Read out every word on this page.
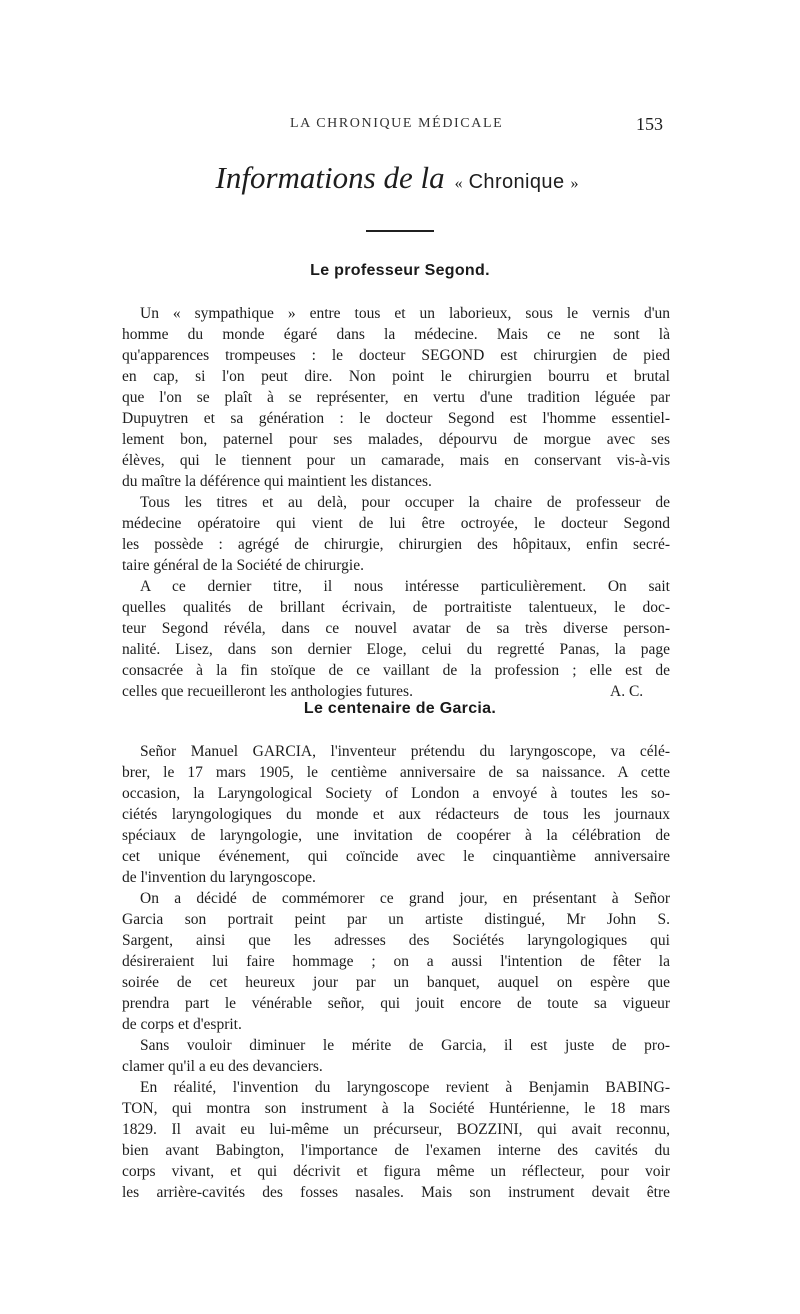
LA CHRONIQUE MÉDICALE	153
Informations de la « Chronique »
Le professeur Segond.
Un « sympathique » entre tous et un laborieux, sous le vernis d'un
homme du monde égaré dans la médecine. Mais ce ne sont là
qu'apparences trompeuses : le docteur SEGOND est chirurgien de pied
en cap, si l'on peut dire. Non point le chirurgien bourru et brutal
que l'on se plaît à se représenter, en vertu d'une tradition léguée par
Dupuytren et sa génération : le docteur Segond est l'homme essentiel-
lement bon, paternel pour ses malades, dépourvu de morgue avec ses
élèves, qui le tiennent pour un camarade, mais en conservant vis-à-vis
du maître la déférence qui maintient les distances.
Tous les titres et au delà, pour occuper la chaire de professeur de
médecine opératoire qui vient de lui être octroyée, le docteur Segond
les possède : agrégé de chirurgie, chirurgien des hôpitaux, enfin secré-
taire général de la Société de chirurgie.
A ce dernier titre, il nous intéresse particulièrement. On sait
quelles qualités de brillant écrivain, de portraitiste talentueux, le doc-
teur Segond révéla, dans ce nouvel avatar de sa très diverse person-
nalité. Lisez, dans son dernier Eloge, celui du regretté Panas, la page
consacrée à la fin stoïque de ce vaillant de la profession ; elle est de
celles que recueilleront les anthologies futures.	A. C.
Le centenaire de Garcia.
Señor Manuel GARCIA, l'inventeur prétendu du laryngoscope, va célé-
brer, le 17 mars 1905, le centième anniversaire de sa naissance. A cette
occasion, la Laryngological Society of London a envoyé à toutes les so-
ciétés laryngologiques du monde et aux rédacteurs de tous les journaux
spéciaux de laryngologie, une invitation de coopérer à la célébration de
cet unique événement, qui coïncide avec le cinquantième anniversaire
de l'invention du laryngoscope.
On a décidé de commémorer ce grand jour, en présentant à Señor
Garcia son portrait peint par un artiste distingué, Mr John S.
Sargent, ainsi que les adresses des Sociétés laryngologiques qui
désireraient lui faire hommage ; on a aussi l'intention de fêter la
soirée de cet heureux jour par un banquet, auquel on espère que
prendra part le vénérable señor, qui jouit encore de toute sa vigueur
de corps et d'esprit.
Sans vouloir diminuer le mérite de Garcia, il est juste de pro-
clamer qu'il a eu des devanciers.
En réalité, l'invention du laryngoscope revient à Benjamin BABING-
TON, qui montra son instrument à la Société Huntérienne, le 18 mars
1829. Il avait eu lui-même un précurseur, BOZZINI, qui avait reconnu,
bien avant Babington, l'importance de l'examen interne des cavités du
corps vivant, et qui décrivit et figura même un réflecteur, pour voir
les arrière-cavités des fosses nasales. Mais son instrument devait être
